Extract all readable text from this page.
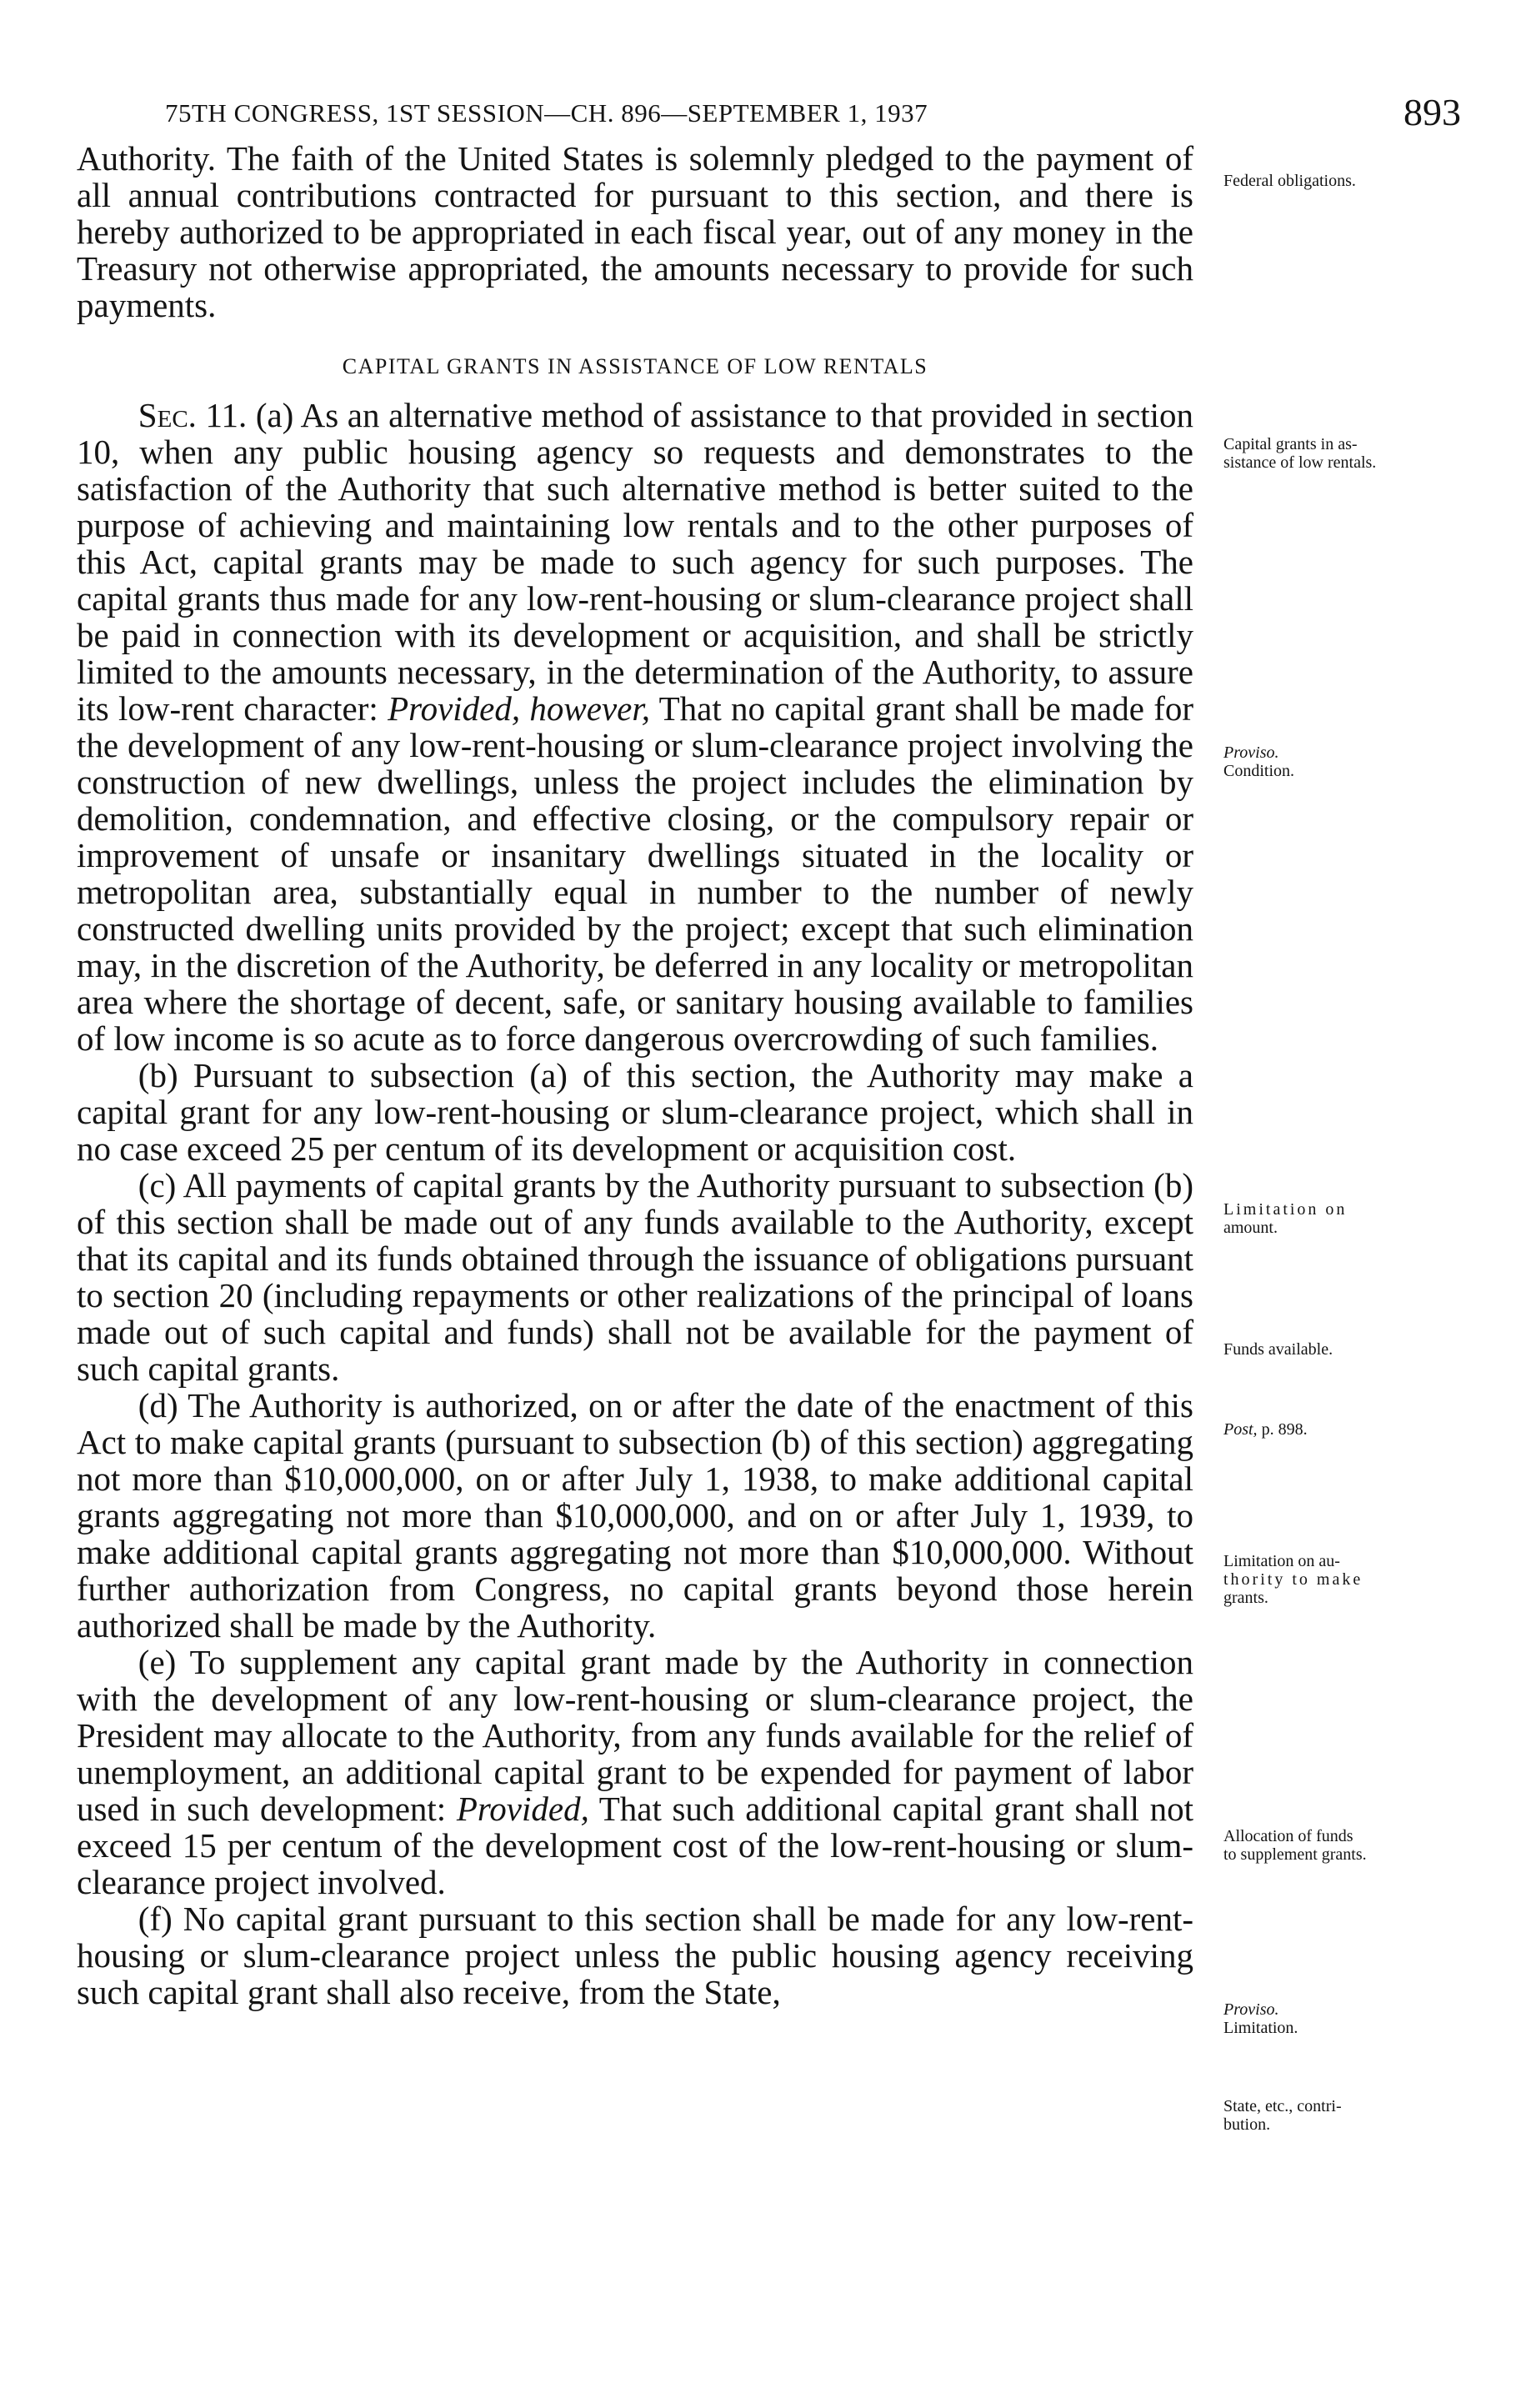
75TH CONGRESS, 1ST SESSION—CH. 896—SEPTEMBER 1, 1937	893

Authority. The faith of the United States is solemnly pledged to the payment of all annual contributions contracted for pursuant to this section, and there is hereby authorized to be appropriated in each fiscal year, out of any money in the Treasury not otherwise appropriated, the amounts necessary to provide for such payments.

CAPITAL GRANTS IN ASSISTANCE OF LOW RENTALS

Sec. 11. (a) As an alternative method of assistance to that provided in section 10, when any public housing agency so requests and demonstrates to the satisfaction of the Authority that such alternative method is better suited to the purpose of achieving and maintaining low rentals and to the other purposes of this Act, capital grants may be made to such agency for such purposes. The capital grants thus made for any low-rent-housing or slum-clearance project shall be paid in connection with its development or acquisition, and shall be strictly limited to the amounts necessary, in the determination of the Authority, to assure its low-rent character: Provided, however, That no capital grant shall be made for the development of any low-rent-housing or slum-clearance project involving the construction of new dwellings, unless the project includes the elimination by demolition, condemnation, and effective closing, or the compulsory repair or improvement of unsafe or insanitary dwellings situated in the locality or metropolitan area, substantially equal in number to the number of newly constructed dwelling units provided by the project; except that such elimination may, in the discretion of the Authority, be deferred in any locality or metropolitan area where the shortage of decent, safe, or sanitary housing available to families of low income is so acute as to force dangerous overcrowding of such families.

(b) Pursuant to subsection (a) of this section, the Authority may make a capital grant for any low-rent-housing or slum-clearance project, which shall in no case exceed 25 per centum of its development or acquisition cost.

(c) All payments of capital grants by the Authority pursuant to subsection (b) of this section shall be made out of any funds available to the Authority, except that its capital and its funds obtained through the issuance of obligations pursuant to section 20 (including repayments or other realizations of the principal of loans made out of such capital and funds) shall not be available for the payment of such capital grants.

(d) The Authority is authorized, on or after the date of the enactment of this Act to make capital grants (pursuant to subsection (b) of this section) aggregating not more than $10,000,000, on or after July 1, 1938, to make additional capital grants aggregating not more than $10,000,000, and on or after July 1, 1939, to make additional capital grants aggregating not more than $10,000,000. Without further authorization from Congress, no capital grants beyond those herein authorized shall be made by the Authority.

(e) To supplement any capital grant made by the Authority in connection with the development of any low-rent-housing or slum-clearance project, the President may allocate to the Authority, from any funds available for the relief of unemployment, an additional capital grant to be expended for payment of labor used in such development: Provided, That such additional capital grant shall not exceed 15 per centum of the development cost of the low-rent-housing or slum-clearance project involved.

(f) No capital grant pursuant to this section shall be made for any low-rent-housing or slum-clearance project unless the public housing agency receiving such capital grant shall also receive, from the State,

Federal obligations.
Capital grants in as-
sistance of low rentals.
Proviso.
Condition.
Limitation on
amount.
Funds available.
Post, p. 898.
Limitation on au-
thority to make
grants.
Allocation of funds
to supplement grants.
Proviso.
Limitation.
State, etc., contri-
bution.
